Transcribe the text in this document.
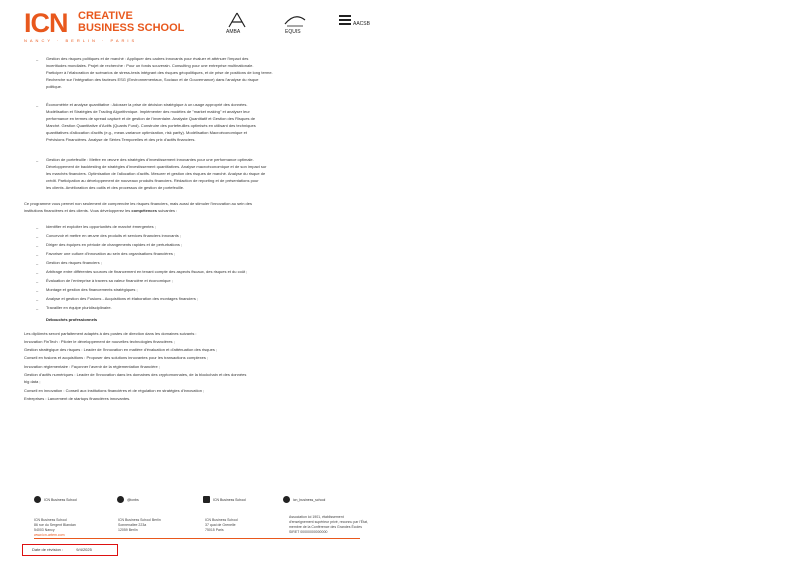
ICN CREATIVE
BUSINESS SCHOOL
NANCY · BERLIN · PARIS
AMBA	EQUIS
AACSB
– Gestion des risques politiques et de marché : Appliquer des cadres innovants pour évaluer et atténuer l'impact des
incertitudes mondiales. Projet de recherche : Pour un fonds souverain. Consulting pour une entreprise multinationale.
Participer à l'élaboration de scénarios de stress-tests intégrant des risques géopolitiques, et de prise de positions de long terme.
Recherche sur l'intégration des facteurs ESG (Environnementaux, Sociaux et de Gouvernance) dans l'analyse du risque
politique.
– Économétrie et analyse quantitative : Adosser la prise de décision stratégique à un usage approprié des données.
Modélisation et Stratégies de Trading Algorithmique. Implémenter des modèles de "market making" et analyser leur
performance en termes de spread capturé et de gestion de l'inventaire. Analyste Quantitatif et Gestion des Risques de
Marché. Gestion Quantitative d'Actifs (Quants Fund). Construire des portefeuilles optimisés en utilisant des techniques
quantitatives d'allocation d'actifs (e.g., mean-variance optimization, risk parity). Modélisation Macroéconomique et
Prévisions Financières. Analyse de Séries Temporelles et des prix d'actifs financiers.
– Gestion de portefeuille : Mettre en œuvre des stratégies d'investissement innovantes pour une performance optimale.
Développement de backtesting de stratégies d'investissement quantitatives. Analyse macroéconomique et de son impact sur
les marchés financiers. Optimisation de l'allocation d'actifs. Mesurer et gestion des risques de marché. Analyse du risque de
crédit. Participation au développement de nouveaux produits financiers. Rédaction de reporting et de présentations pour
les clients. Amélioration des outils et des processus de gestion de portefeuille.
Ce programme vous permet non seulement de comprendre les risques financiers, mais aussi de stimuler l'innovation au sein des
institutions financières et des clients. Vous développerez les compétences suivantes :
– Identifier et exploiter les opportunités de marché émergentes ;
– Concevoir et mettre en œuvre des produits et services financiers innovants ;
– Diriger des équipes en période de changements rapides et de perturbations ;
– Favoriser une culture d'innovation au sein des organisations financières ;
– Gestion des risques financiers ;
– Arbitrage entre différentes sources de financement en tenant compte des aspects fiscaux, des risques et du coût ;
– Évaluation de l'entreprise à travers sa valeur financière et économique ;
– Montage et gestion des financements stratégiques ;
– Analyse et gestion des Fusions - Acquisitions et élaboration des montages financiers ;
– Travailler en équipe pluridisciplinaire.
Débouchés professionnels
Les diplômés seront parfaitement adaptés à des postes de direction dans les domaines suivants :
Innovation FinTech : Piloter le développement de nouvelles technologies financières ;
Gestion stratégique des risques : Leader de l'innovation en matière d'évaluation et d'atténuation des risques ;
Conseil en fusions et acquisitions : Proposer des solutions innovantes pour les transactions complexes ;
Innovation réglementaire : Façonner l'avenir de la réglementation financière ;
Gestion d'actifs numériques : Leader de l'innovation dans les domaines des cryptomonnaies, de la blockchain et des données
big data ;
Conseil en innovation : Conseil aux institutions financières et de régulation en stratégies d'innovation ;
Entreprises : Lancement de startups financières innovantes.
ICN Business School	@icnbs	ICN Business School	icn_business_school
ICN Business School
86 rue du Sergent Blandan
54003 Nancy
ICN Business School Berlin
Sonnenallee 223a
12059 Berlin
ICN Business School
37 quai de Grenelle
75015 Paris
Association loi 1901, établissement
d'enseignement supérieur privé, reconnu par l'État,
membre de la Conférence des Grandes Écoles
SIRET 00000000000000
www.icn-artem.com
Date de révision :	9/4/2025
